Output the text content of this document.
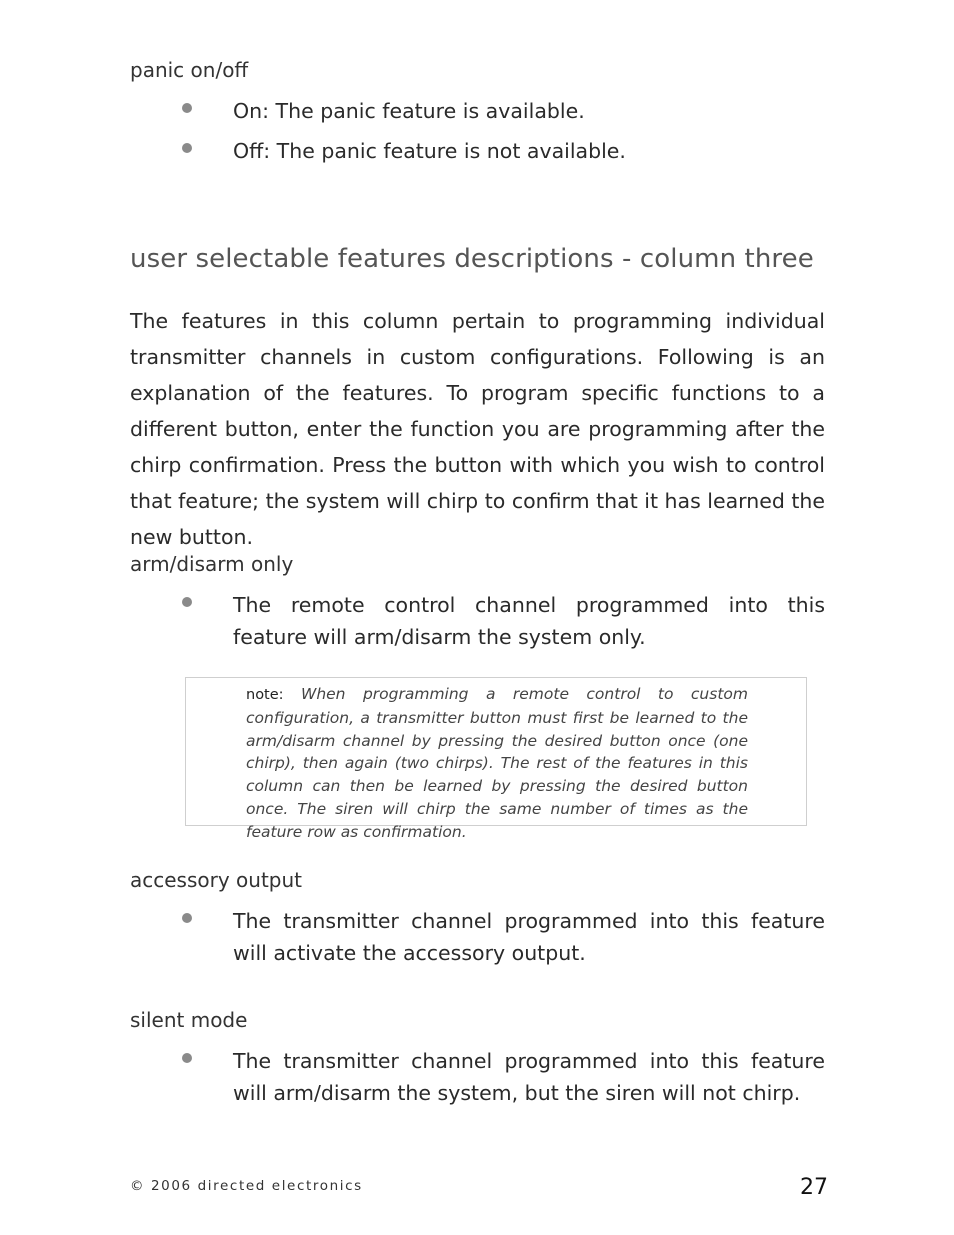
panic on/off
On: The panic feature is available.
Off: The panic feature is not available.
user selectable features descriptions - column three
The features in this column pertain to programming individual transmitter channels in custom configurations. Following is an explanation of the features. To program specific functions to a different button, enter the function you are programming after the chirp confirmation. Press the button with which you wish to control that feature; the system will chirp to confirm that it has learned the new button.
arm/disarm only
The remote control channel programmed into this feature will arm/disarm the system only.
note: When programming a remote control to custom configuration, a transmitter button must first be learned to the arm/disarm channel by pressing the desired button once (one chirp), then again (two chirps). The rest of the features in this column can then be learned by pressing the desired button once. The siren will chirp the same number of times as the feature row as confirmation.
accessory output
The transmitter channel programmed into this feature will activate the accessory output.
silent mode
The transmitter channel programmed into this feature will arm/disarm the system, but the siren will not chirp.
© 2006 directed electronics	27
